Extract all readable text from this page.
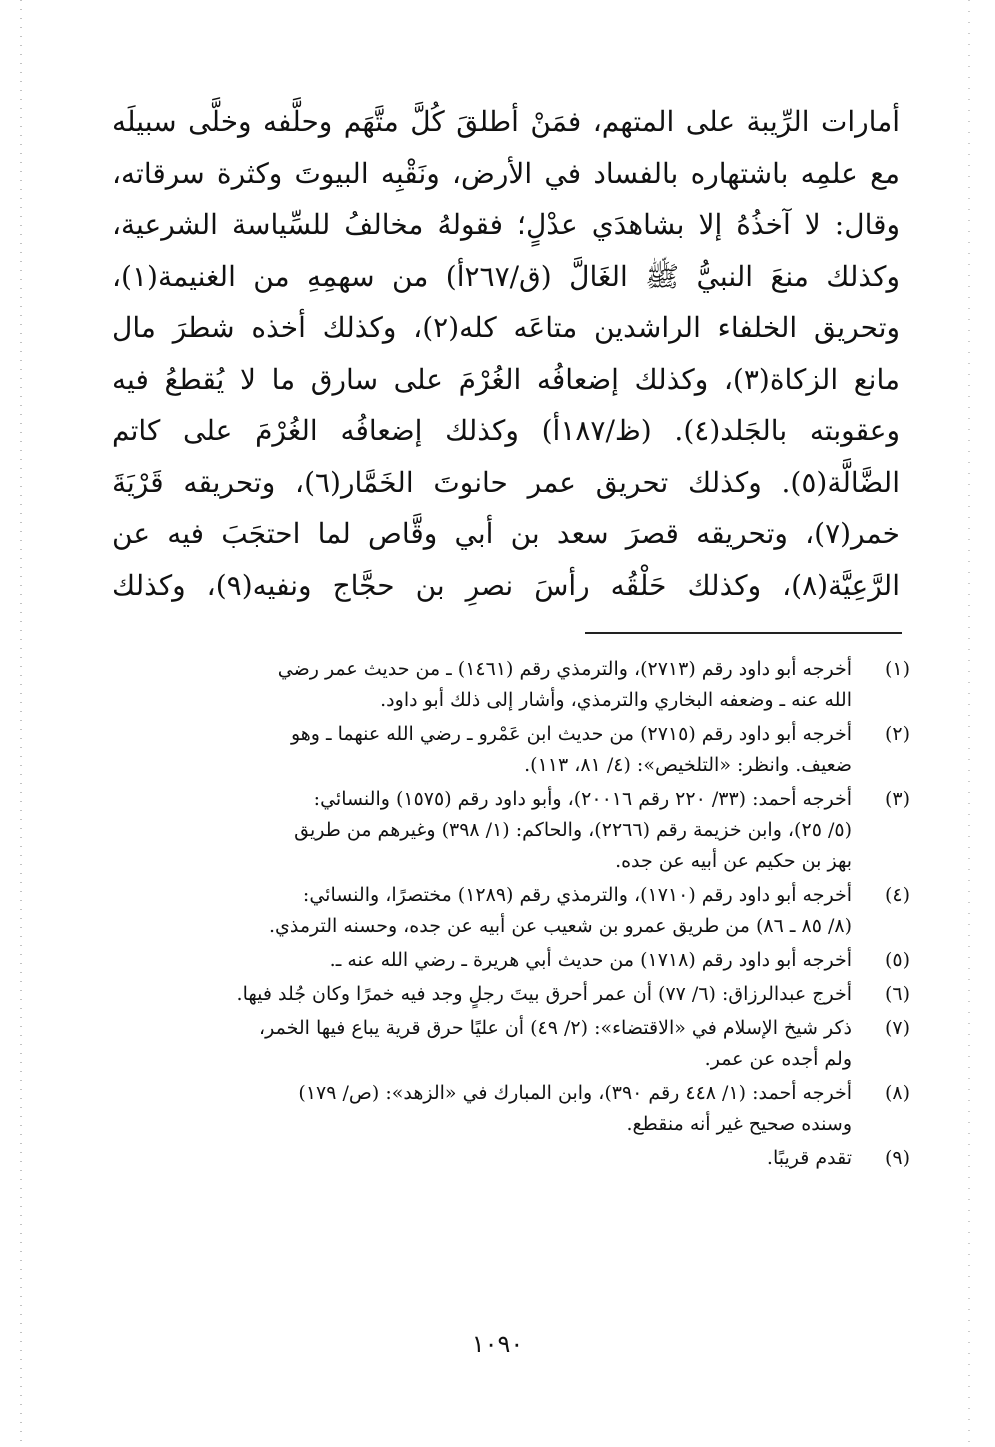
أمارات الرِّيبة على المتهم، فمَنْ أطلقَ كُلَّ متَّهَم وحلَّفه وخلَّى سبيلَه
مع علمِه باشتهاره بالفساد في الأرض، ونَقْبِه البيوتَ وكثرة سرقاته،
وقال: لا آخذُهُ إلا بشاهدَي عدْلٍ؛ فقولهُ مخالفُ للسِّياسة الشرعية،
وكذلك منعَ النبيُّ ﷺ الغَالَّ (ق/٢٦٧أ) من سهمِهِ من الغنيمة(١)،
وتحريق الخلفاء الراشدين متاعَه كله(٢)، وكذلك أخذه شطرَ مال
مانع الزكاة(٣)، وكذلك إضعافُه الغُرْمَ على سارق ما لا يُقطعُ فيه
وعقوبته بالجَلد(٤). (ظ/١٨٧أ) وكذلك إضعافُه الغُرْمَ على كاتم
الضَّالَّة(٥). وكذلك تحريق عمر حانوتَ الخَمَّار(٦)، وتحريقه قَرْيَةَ
خمر(٧)، وتحريقه قصرَ سعد بن أبي وقَّاص لما احتجَبَ فيه عن
الرَّعِيَّة(٨)، وكذلك حَلْقُه رأسَ نصرِ بن حجَّاج ونفيه(٩)، وكذلك
(١)
أخرجه أبو داود رقم (٢٧١٣)، والترمذي رقم (١٤٦١) ـ من حديث عمر رضي
الله عنه ـ وضعفه البخاري والترمذي، وأشار إلى ذلك أبو داود.
(٢)
أخرجه أبو داود رقم (٢٧١٥) من حديث ابن عَمْرو ـ رضي الله عنهما ـ وهو
ضعيف. وانظر: «التلخيص»: (٤/ ٨١، ١١٣).
(٣)
أخرجه أحمد: (٣٣/ ٢٢٠ رقم ٢٠٠١٦)، وأبو داود رقم (١٥٧٥) والنسائي:
(٥/ ٢٥)، وابن خزيمة رقم (٢٢٦٦)، والحاكم: (١/ ٣٩٨) وغيرهم من طريق
بهز بن حكيم عن أبيه عن جده.
(٤)
أخرجه أبو داود رقم (١٧١٠)، والترمذي رقم (١٢٨٩) مختصرًا، والنسائي:
(٨/ ٨٥ ـ ٨٦) من طريق عمرو بن شعيب عن أبيه عن جده، وحسنه الترمذي.
(٥)
أخرجه أبو داود رقم (١٧١٨) من حديث أبي هريرة ـ رضي الله عنه ـ.
(٦)
أخرج عبدالرزاق: (٦/ ٧٧) أن عمر أحرق بيتَ رجلٍ وجد فيه خمرًا وكان جُلد فيها.
(٧)
ذكر شيخ الإسلام في «الاقتضاء»: (٢/ ٤٩) أن عليًا حرق قرية يباع فيها الخمر،
ولم أجده عن عمر.
(٨)
أخرجه أحمد: (١/ ٤٤٨ رقم ٣٩٠)، وابن المبارك في «الزهد»: (ص/ ١٧٩)
وسنده صحيح غير أنه منقطع.
(٩)
تقدم قريبًا.
١٠٩٠
